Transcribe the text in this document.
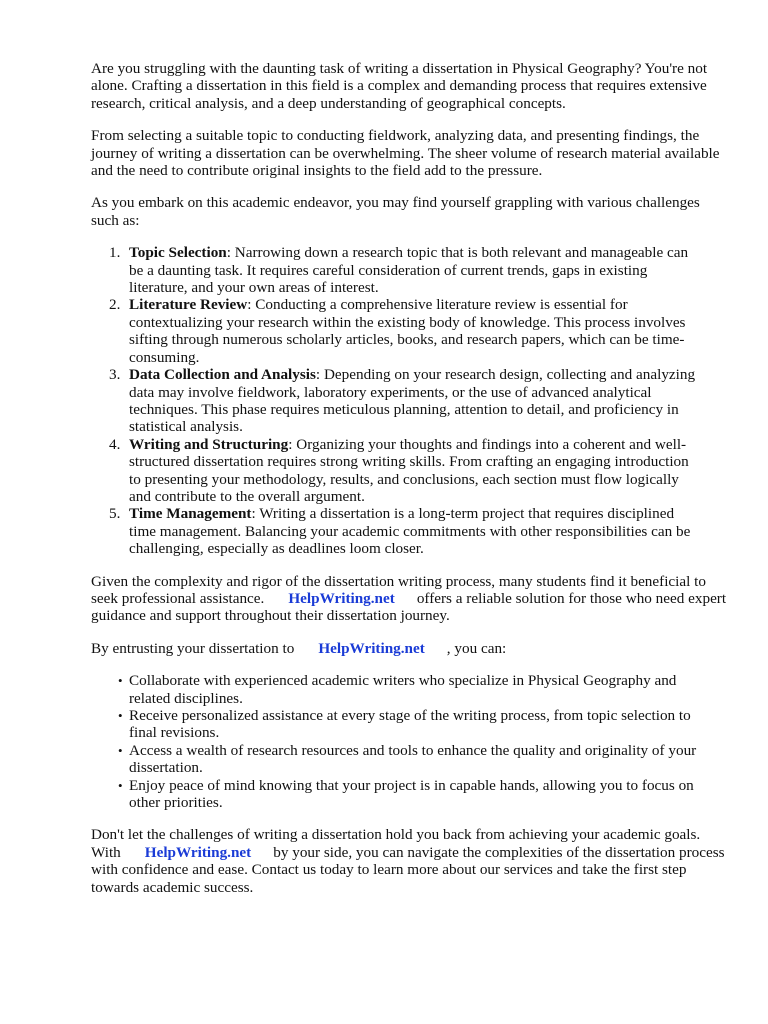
Are you struggling with the daunting task of writing a dissertation in Physical Geography? You're not alone. Crafting a dissertation in this field is a complex and demanding process that requires extensive research, critical analysis, and a deep understanding of geographical concepts.

From selecting a suitable topic to conducting fieldwork, analyzing data, and presenting findings, the journey of writing a dissertation can be overwhelming. The sheer volume of research material available and the need to contribute original insights to the field add to the pressure.

As you embark on this academic endeavor, you may find yourself grappling with various challenges such as:

1. Topic Selection: Narrowing down a research topic that is both relevant and manageable can be a daunting task. It requires careful consideration of current trends, gaps in existing literature, and your own areas of interest.
2. Literature Review: Conducting a comprehensive literature review is essential for contextualizing your research within the existing body of knowledge. This process involves sifting through numerous scholarly articles, books, and research papers, which can be time-consuming.
3. Data Collection and Analysis: Depending on your research design, collecting and analyzing data may involve fieldwork, laboratory experiments, or the use of advanced analytical techniques. This phase requires meticulous planning, attention to detail, and proficiency in statistical analysis.
4. Writing and Structuring: Organizing your thoughts and findings into a coherent and well-structured dissertation requires strong writing skills. From crafting an engaging introduction to presenting your methodology, results, and conclusions, each section must flow logically and contribute to the overall argument.
5. Time Management: Writing a dissertation is a long-term project that requires disciplined time management. Balancing your academic commitments with other responsibilities can be challenging, especially as deadlines loom closer.

Given the complexity and rigor of the dissertation writing process, many students find it beneficial to seek professional assistance. HelpWriting.net offers a reliable solution for those who need expert guidance and support throughout their dissertation journey.

By entrusting your dissertation to HelpWriting.net , you can:

• Collaborate with experienced academic writers who specialize in Physical Geography and related disciplines.
• Receive personalized assistance at every stage of the writing process, from topic selection to final revisions.
• Access a wealth of research resources and tools to enhance the quality and originality of your dissertation.
• Enjoy peace of mind knowing that your project is in capable hands, allowing you to focus on other priorities.

Don't let the challenges of writing a dissertation hold you back from achieving your academic goals. With HelpWriting.net by your side, you can navigate the complexities of the dissertation process with confidence and ease. Contact us today to learn more about our services and take the first step towards academic success.
